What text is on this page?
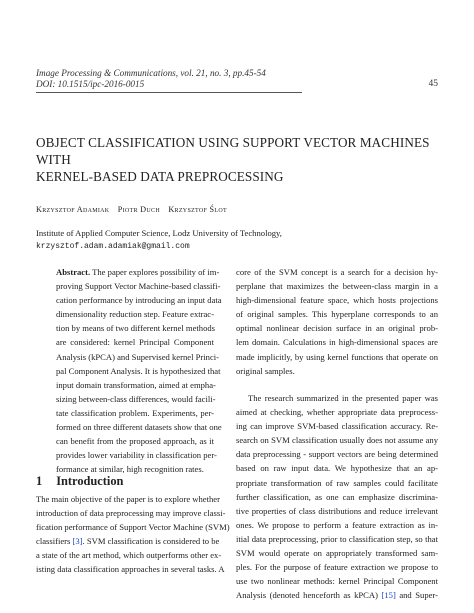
Image Processing & Communications, vol. 21, no. 3, pp.45-54
DOI: 10.1515/ipc-2016-0015	45
OBJECT CLASSIFICATION USING SUPPORT VECTOR MACHINES WITH
KERNEL-BASED DATA PREPROCESSING
Krzysztof Adamiak Piotr Duch Krzysztof Ślot
Institute of Applied Computer Science, Lodz University of Technology,
krzysztof.adam.adamiak@gmail.com
Abstract. The paper explores possibility of im-
proving Support Vector Machine-based classifi-
cation performance by introducing an input data
dimensionality reduction step. Feature extrac-
tion by means of two different kernel methods
are considered: kernel Principal Component
Analysis (kPCA) and Supervised kernel Princi-
pal Component Analysis. It is hypothesized that
input domain transformation, aimed at empha-
sizing between-class differences, would facili-
tate classification problem. Experiments, per-
formed on three different datasets show that one
can benefit from the proposed approach, as it
provides lower variability in classification per-
formance at similar, high recognition rates.
core of the SVM concept is a search for a decision hy-
perplane that maximizes the between-class margin in a
high-dimensional feature space, which hosts projections
of original samples. This hyperplane corresponds to an
optimal nonlinear decision surface in an original prob-
lem domain. Calculations in high-dimensional spaces are
made implicitly, by using kernel functions that operate on
original samples.
The research summarized in the presented paper was
aimed at checking, whether appropriate data preprocess-
ing can improve SVM-based classification accuracy. Re-
search on SVM classification usually does not assume any
data preprocessing - support vectors are being determined
based on raw input data. We hypothesize that an ap-
propriate transformation of raw samples could facilitate
further classification, as one can emphasize discrimina-
tive properties of class distributions and reduce irrelevant
ones. We propose to perform a feature extraction as in-
itial data preprocessing, prior to classification step, so that
SVM would operate on appropriately transformed sam-
ples. For the purpose of feature extraction we propose to
use two nonlinear methods: kernel Principal Component
Analysis (denoted henceforth as kPCA) [15] and Super-
1 Introduction
The main objective of the paper is to explore whether
introduction of data preprocessing may improve classi-
fication performance of Support Vector Machine (SVM)
classifiers [3]. SVM classification is considered to be
a state of the art method, which outperforms other ex-
isting data classification approaches in several tasks. A
